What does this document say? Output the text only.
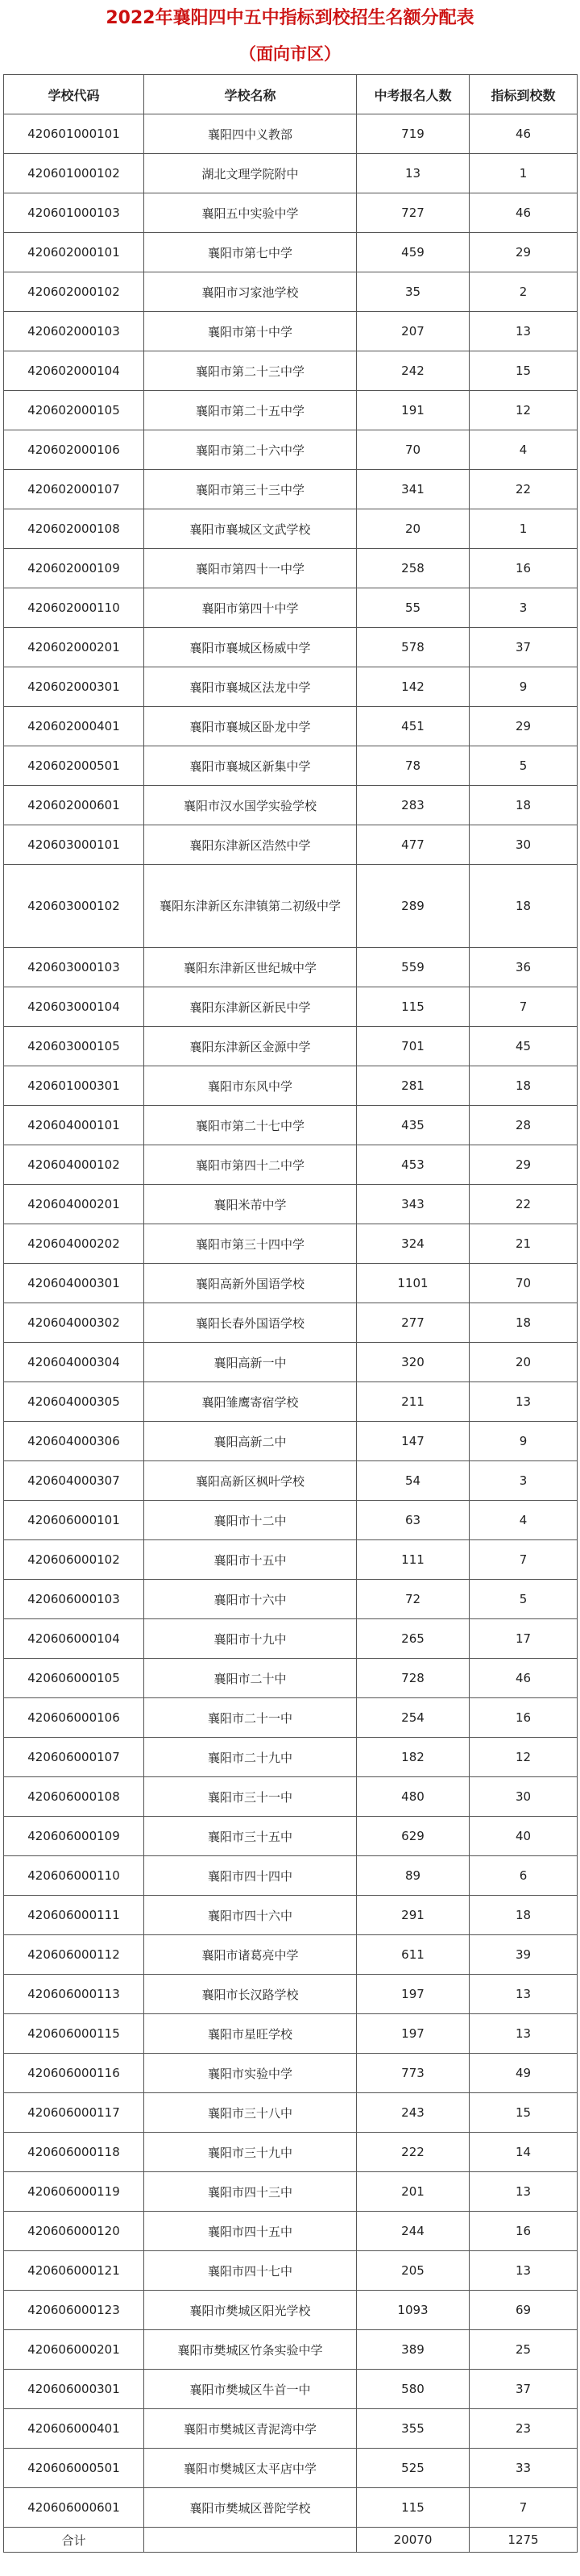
2022年襄阳四中五中指标到校招生名额分配表
（面向市区）
学校代码	学校名称	中考报名人数	指标到校数
420601000101	襄阳四中义教部	719	46
420601000102	湖北文理学院附中	13	1
420601000103	襄阳五中实验中学	727	46
420602000101	襄阳市第七中学	459	29
420602000102	襄阳市习家池学校	35	2
420602000103	襄阳市第十中学	207	13
420602000104	襄阳市第二十三中学	242	15
420602000105	襄阳市第二十五中学	191	12
420602000106	襄阳市第二十六中学	70	4
420602000107	襄阳市第三十三中学	341	22
420602000108	襄阳市襄城区文武学校	20	1
420602000109	襄阳市第四十一中学	258	16
420602000110	襄阳市第四十中学	55	3
420602000201	襄阳市襄城区杨威中学	578	37
420602000301	襄阳市襄城区法龙中学	142	9
420602000401	襄阳市襄城区卧龙中学	451	29
420602000501	襄阳市襄城区新集中学	78	5
420602000601	襄阳市汉水国学实验学校	283	18
420603000101	襄阳东津新区浩然中学	477	30
420603000102	襄阳东津新区东津镇第二初级中学	289	18
420603000103	襄阳东津新区世纪城中学	559	36
420603000104	襄阳东津新区新民中学	115	7
420603000105	襄阳东津新区金源中学	701	45
420601000301	襄阳市东风中学	281	18
420604000101	襄阳市第二十七中学	435	28
420604000102	襄阳市第四十二中学	453	29
420604000201	襄阳米芾中学	343	22
420604000202	襄阳市第三十四中学	324	21
420604000301	襄阳高新外国语学校	1101	70
420604000302	襄阳长春外国语学校	277	18
420604000304	襄阳高新一中	320	20
420604000305	襄阳雏鹰寄宿学校	211	13
420604000306	襄阳高新二中	147	9
420604000307	襄阳高新区枫叶学校	54	3
420606000101	襄阳市十二中	63	4
420606000102	襄阳市十五中	111	7
420606000103	襄阳市十六中	72	5
420606000104	襄阳市十九中	265	17
420606000105	襄阳市二十中	728	46
420606000106	襄阳市二十一中	254	16
420606000107	襄阳市二十九中	182	12
420606000108	襄阳市三十一中	480	30
420606000109	襄阳市三十五中	629	40
420606000110	襄阳市四十四中	89	6
420606000111	襄阳市四十六中	291	18
420606000112	襄阳市诸葛亮中学	611	39
420606000113	襄阳市长汉路学校	197	13
420606000115	襄阳市星旺学校	197	13
420606000116	襄阳市实验中学	773	49
420606000117	襄阳市三十八中	243	15
420606000118	襄阳市三十九中	222	14
420606000119	襄阳市四十三中	201	13
420606000120	襄阳市四十五中	244	16
420606000121	襄阳市四十七中	205	13
420606000123	襄阳市樊城区阳光学校	1093	69
420606000201	襄阳市樊城区竹条实验中学	389	25
420606000301	襄阳市樊城区牛首一中	580	37
420606000401	襄阳市樊城区青泥湾中学	355	23
420606000501	襄阳市樊城区太平店中学	525	33
420606000601	襄阳市樊城区普陀学校	115	7
合计		20070	1275
